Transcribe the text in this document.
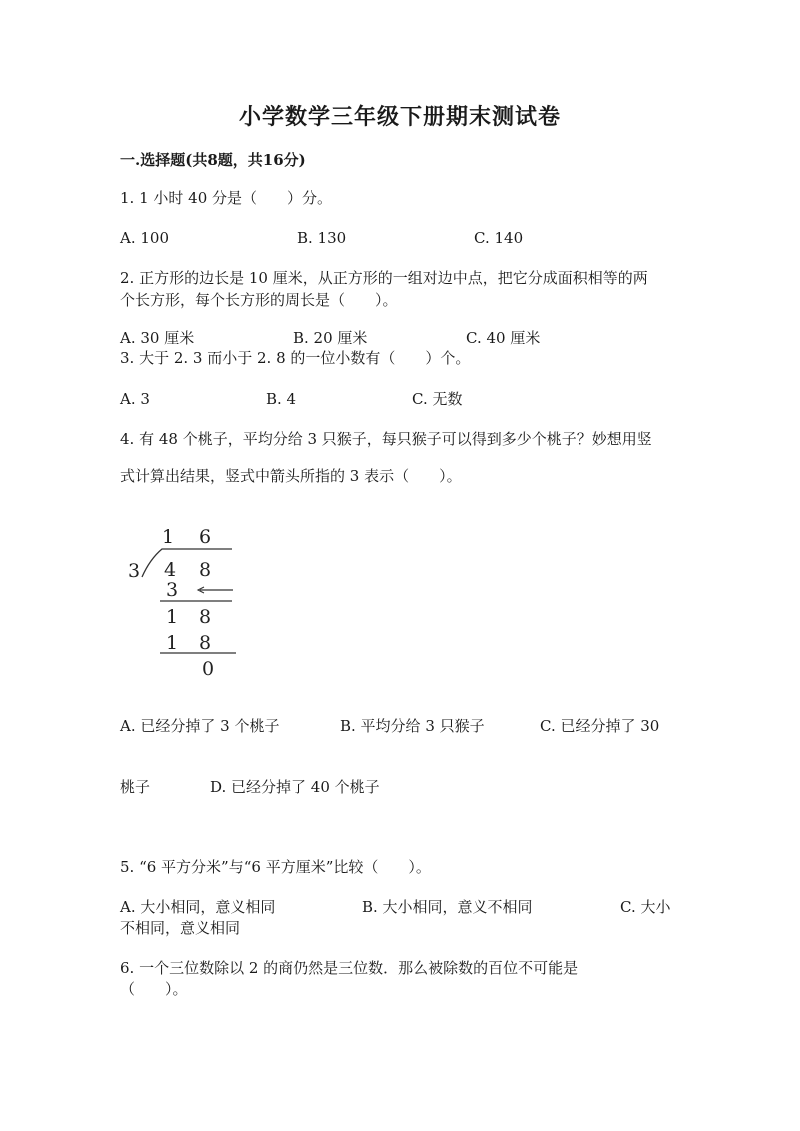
小学数学三年级下册期末测试卷
一.选择题(共8题，共16分)
1. 1 小时 40 分是（　　）分。
A. 100	B. 130	C. 140
2. 正方形的边长是 10 厘米，从正方形的一组对边中点，把它分成面积相等的两
个长方形，每个长方形的周长是（　　）。
A. 30 厘米	B. 20 厘米	C. 40 厘米
3. 大于 2. 3 而小于 2. 8 的一位小数有（　　）个。
A. 3	B. 4	C. 无数
4. 有 48 个桃子，平均分给 3 只猴子，每只猴子可以得到多少个桃子？妙想用竖
式计算出结果，竖式中箭头所指的 3 表示（　　）。
1 6
3 4 8
3
1 8
1 8
0
A. 已经分掉了 3 个桃子	B. 平均分给 3 只猴子	C. 已经分掉了 30
桃子	D. 已经分掉了 40 个桃子
5. “6 平方分米”与“6 平方厘米”比较（　　）。
A. 大小相同，意义相同	B. 大小相同，意义不相同	C. 大小
不相同，意义相同
6. 一个三位数除以 2 的商仍然是三位数．那么被除数的百位不可能是
（　　）。
